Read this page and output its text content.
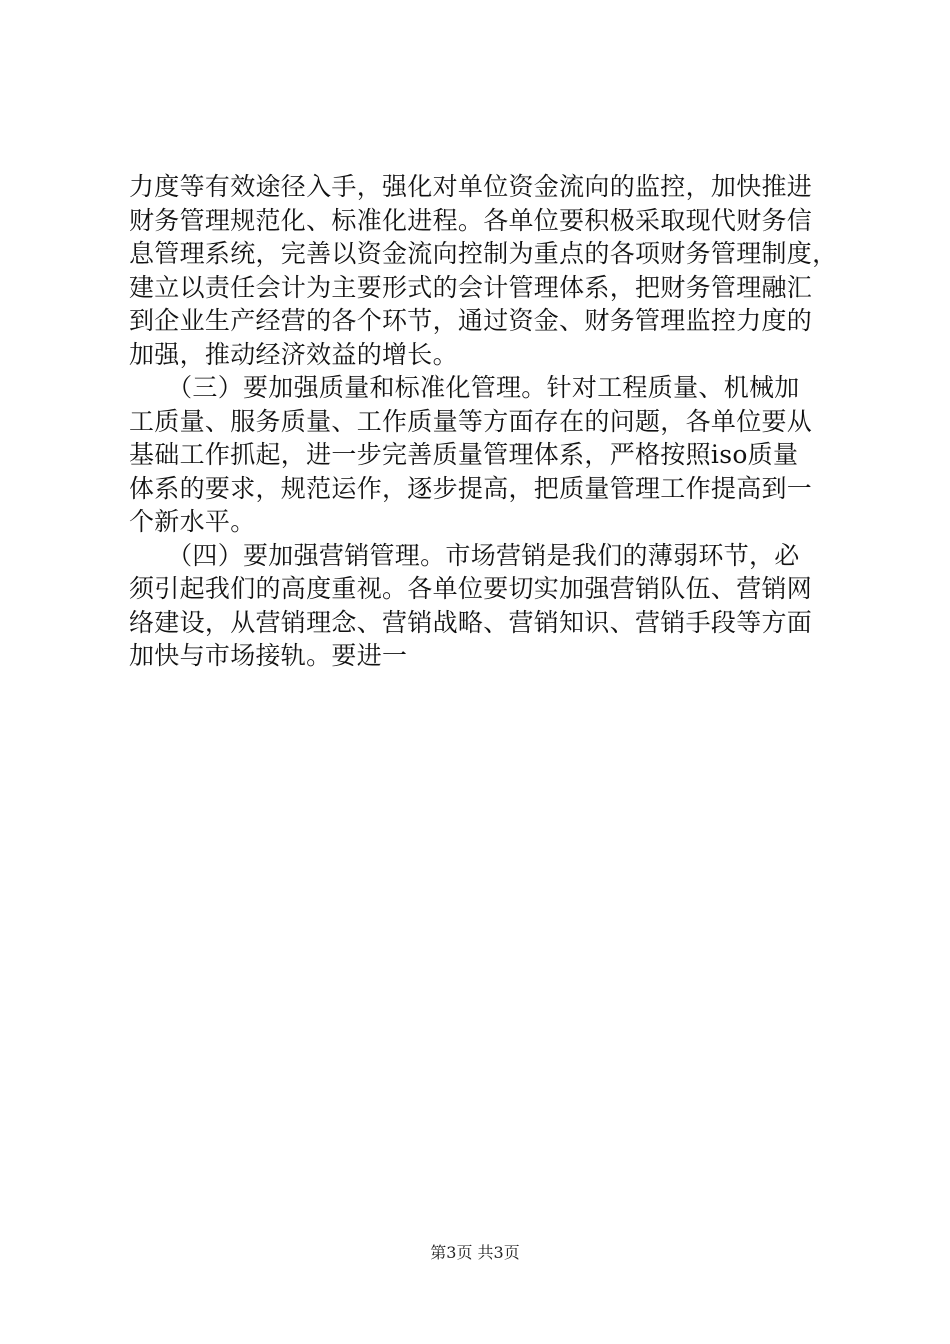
力度等有效途径入手，强化对单位资金流向的监控，加快推进
财务管理规范化、标准化进程。各单位要积极采取现代财务信
息管理系统，完善以资金流向控制为重点的各项财务管理制度，
建立以责任会计为主要形式的会计管理体系，把财务管理融汇
到企业生产经营的各个环节，通过资金、财务管理监控力度的
加强，推动经济效益的增长。
　　（三）要加强质量和标准化管理。针对工程质量、机械加
工质量、服务质量、工作质量等方面存在的问题，各单位要从
基础工作抓起，进一步完善质量管理体系，严格按照iso质量
体系的要求，规范运作，逐步提高，把质量管理工作提高到一
个新水平。
　　（四）要加强营销管理。市场营销是我们的薄弱环节，必
须引起我们的高度重视。各单位要切实加强营销队伍、营销网
络建设，从营销理念、营销战略、营销知识、营销手段等方面
加快与市场接轨。要进一
第3页 共3页
